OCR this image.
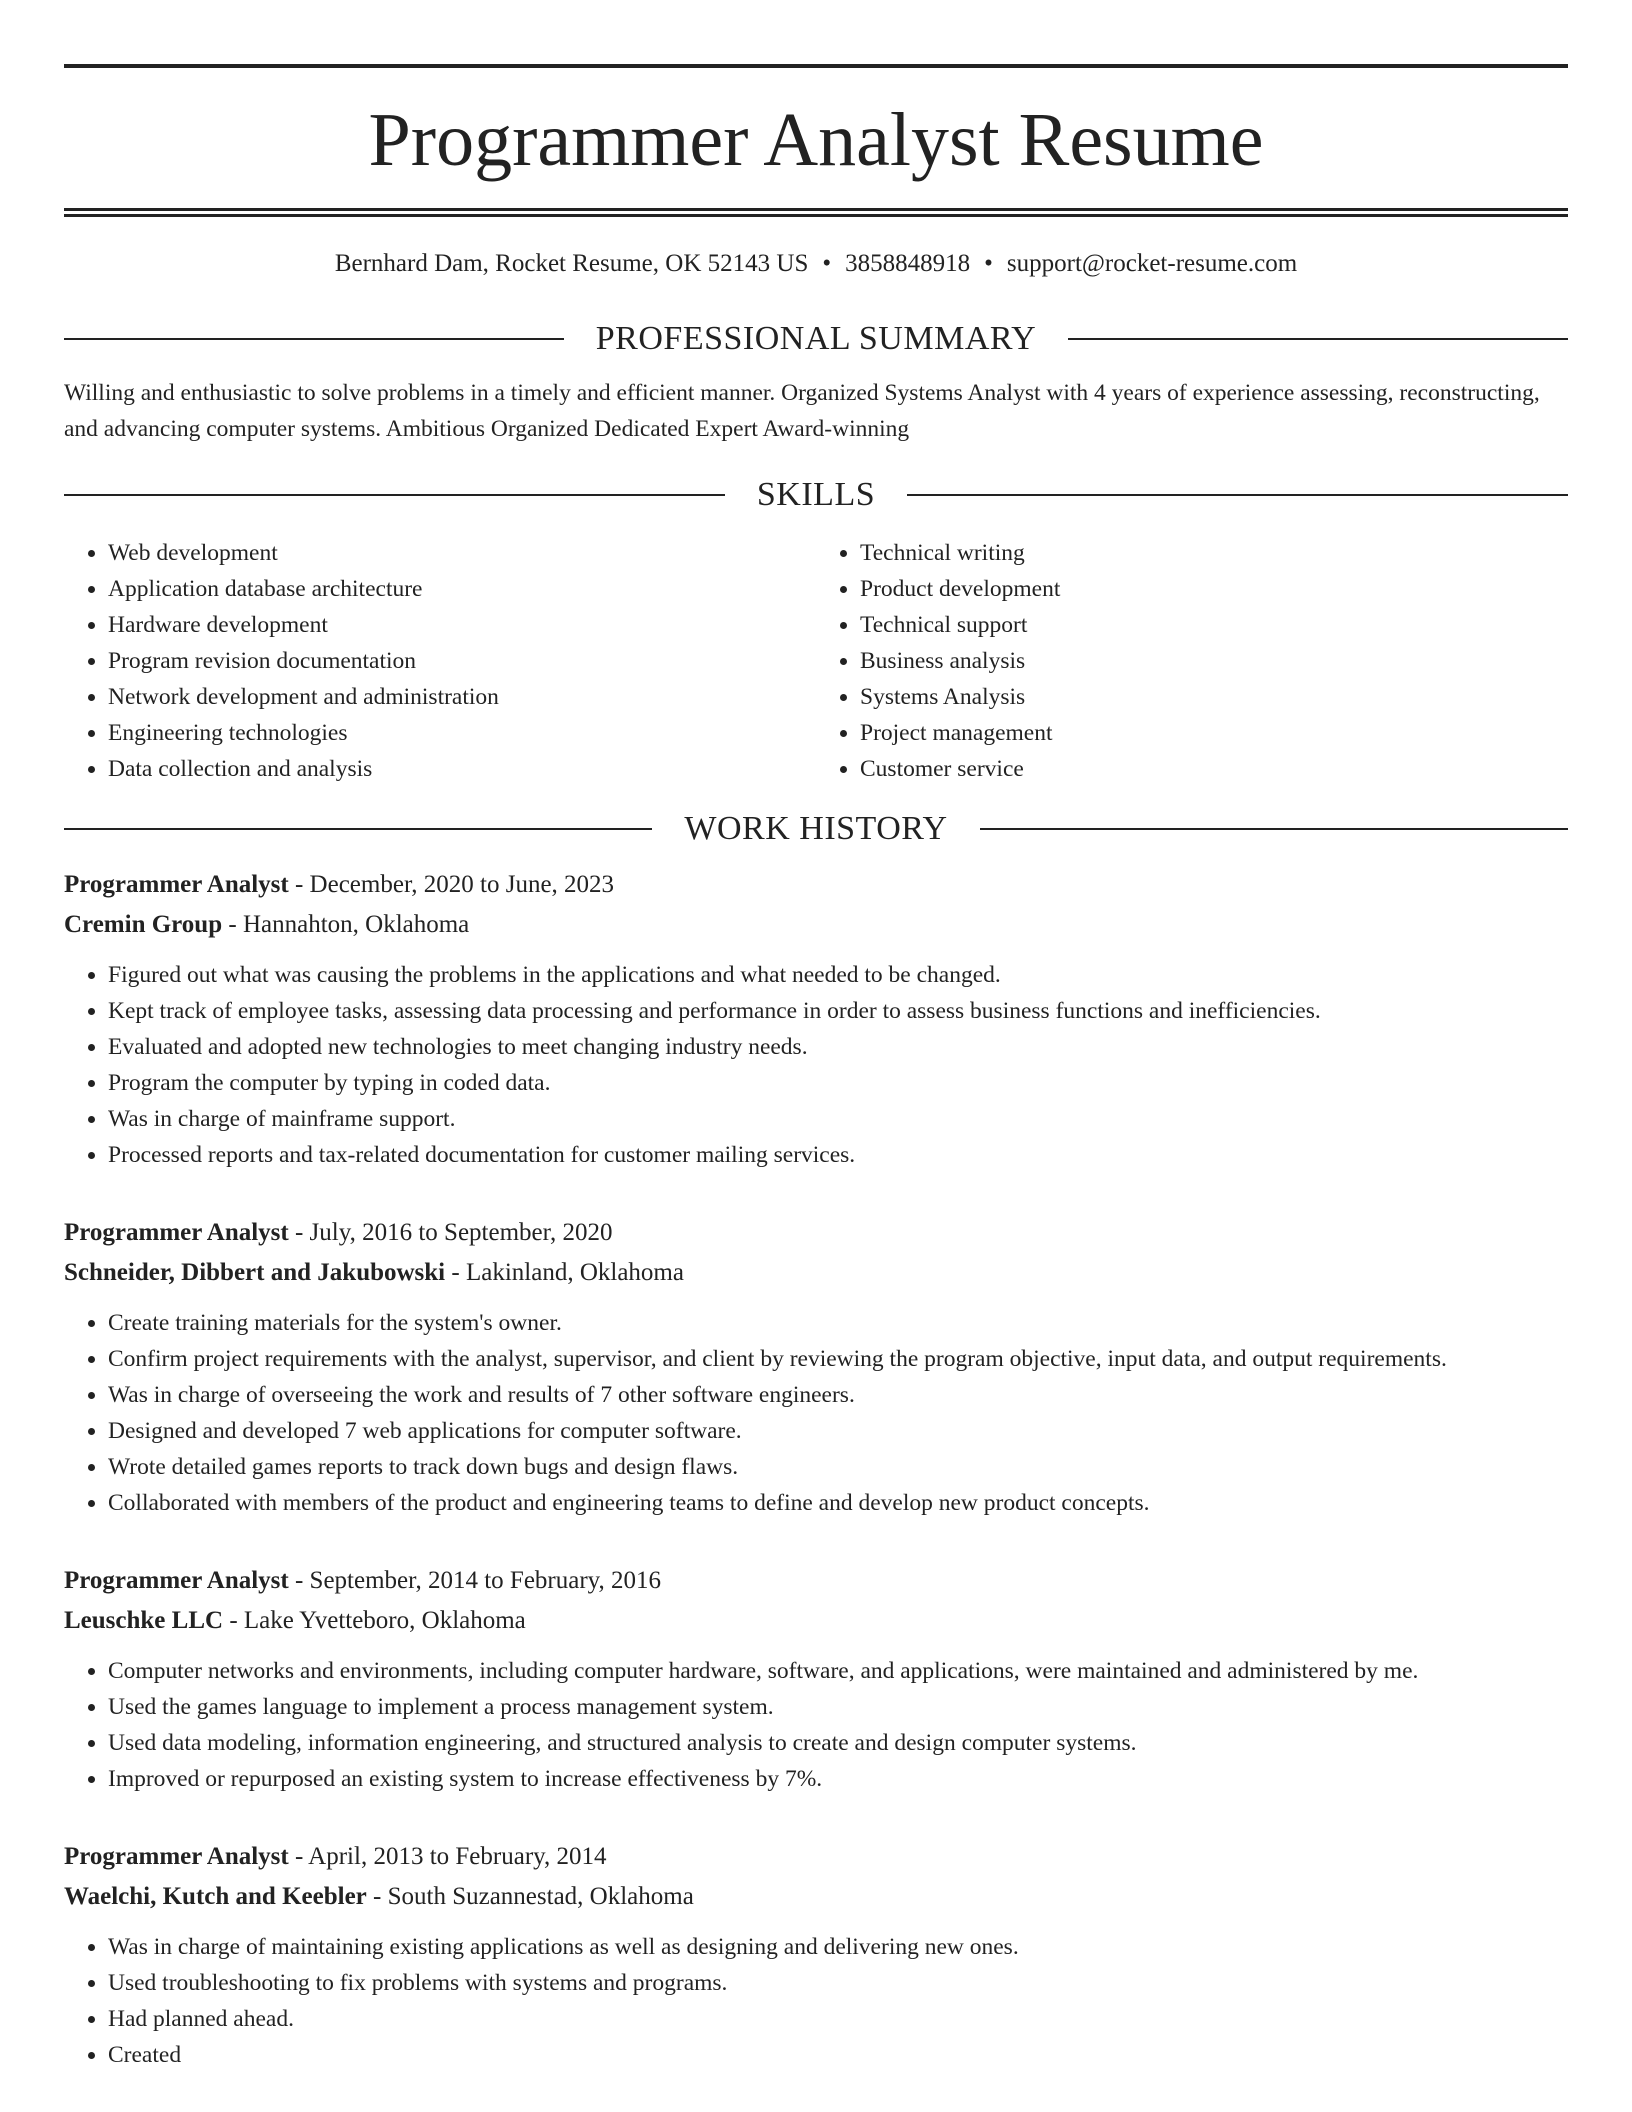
Programmer Analyst Resume
Bernhard Dam, Rocket Resume, OK 52143 US • 3858848918 • support@rocket-resume.com
PROFESSIONAL SUMMARY
Willing and enthusiastic to solve problems in a timely and efficient manner. Organized Systems Analyst with 4 years of experience assessing, reconstructing, and advancing computer systems. Ambitious Organized Dedicated Expert Award-winning
SKILLS
• Web development
• Application database architecture
• Hardware development
• Program revision documentation
• Network development and administration
• Engineering technologies
• Data collection and analysis
• Technical writing
• Product development
• Technical support
• Business analysis
• Systems Analysis
• Project management
• Customer service
WORK HISTORY
Programmer Analyst - December, 2020 to June, 2023
Cremin Group - Hannahton, Oklahoma
• Figured out what was causing the problems in the applications and what needed to be changed.
• Kept track of employee tasks, assessing data processing and performance in order to assess business functions and inefficiencies.
• Evaluated and adopted new technologies to meet changing industry needs.
• Program the computer by typing in coded data.
• Was in charge of mainframe support.
• Processed reports and tax-related documentation for customer mailing services.
Programmer Analyst - July, 2016 to September, 2020
Schneider, Dibbert and Jakubowski - Lakinland, Oklahoma
• Create training materials for the system's owner.
• Confirm project requirements with the analyst, supervisor, and client by reviewing the program objective, input data, and output requirements.
• Was in charge of overseeing the work and results of 7 other software engineers.
• Designed and developed 7 web applications for computer software.
• Wrote detailed games reports to track down bugs and design flaws.
• Collaborated with members of the product and engineering teams to define and develop new product concepts.
Programmer Analyst - September, 2014 to February, 2016
Leuschke LLC - Lake Yvetteboro, Oklahoma
• Computer networks and environments, including computer hardware, software, and applications, were maintained and administered by me.
• Used the games language to implement a process management system.
• Used data modeling, information engineering, and structured analysis to create and design computer systems.
• Improved or repurposed an existing system to increase effectiveness by 7%.
Programmer Analyst - April, 2013 to February, 2014
Waelchi, Kutch and Keebler - South Suzannestad, Oklahoma
• Was in charge of maintaining existing applications as well as designing and delivering new ones.
• Used troubleshooting to fix problems with systems and programs.
• Had planned ahead.
• Created
